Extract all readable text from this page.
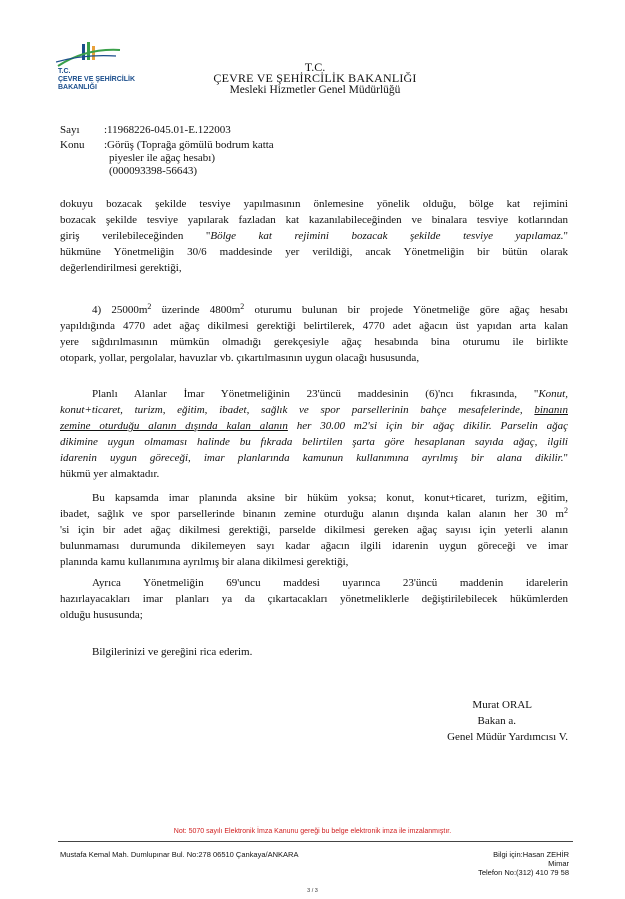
T.C.
ÇEVRE VE ŞEHİRCİLİK
BAKANLIĞI
T.C.
ÇEVRE VE ŞEHİRCİLİK BAKANLIĞI
Mesleki Hizmetler Genel Müdürlüğü
Sayı :11968226-045.01-E.122003
Konu :Görüş (Toprağa gömülü bodrum katta
piyesler ile ağaç hesabı)
(000093398-56643)
dokuyu bozacak şekilde tesviye yapılmasının önlemesine yönelik olduğu, bölge kat rejimini
bozacak şekilde tesviye yapılarak fazladan kat kazanılabileceğinden ve binalara tesviye kotlarından
giriş verilebileceğinden "Bölge kat rejimini bozacak şekilde tesviye yapılamaz."
hükmüne Yönetmeliğin 30/6 maddesinde yer verildiği, ancak Yönetmeliğin bir bütün olarak
değerlendirilmesi gerektiği,
4) $25000m^2$ üzerinde $4800m^2$ oturumu bulunan bir projede Yönetmeliğe göre ağaç hesabı
yapıldığında 4770 adet ağaç dikilmesi gerektiği belirtilerek, 4770 adet ağacın üst yapıdan arta kalan
yere sığdırılmasının mümkün olmadığı gerekçesiyle ağaç hesabında bina oturumu ile birlikte
otopark, yollar, pergolalar, havuzlar vb. çıkartılmasının uygun olacağı hususunda,
Planlı Alanlar İmar Yönetmeliğinin 23'üncü maddesinin (6)'ncı fıkrasında, "Konut,
konut+ticaret, turizm, eğitim, ibadet, sağlık ve spor parsellerinin bahçe mesafelerinde, binanın
zemine oturduğu alanın dışında kalan alanın her 30.00 m2'si için bir ağaç dikilir. Parselin ağaç
dikimine uygun olmaması halinde bu fıkrada belirtilen şarta göre hesaplanan sayıda ağaç, ilgili
idarenin uygun göreceği, imar planlarında kamunun kullanımına ayrılmış bir alana dikilir."
hükmü yer almaktadır.
Bu kapsamda imar planında aksine bir hüküm yoksa; konut, konut+ticaret, turizm, eğitim,
ibadet, sağlık ve spor parsellerinde binanın zemine oturduğu alanın dışında kalan alanın her 30 $m^2$
'si için bir adet ağaç dikilmesi gerektiği, parselde dikilmesi gereken ağaç sayısı için yeterli alanın
bulunmaması durumunda dikilemeyen sayı kadar ağacın ilgili idarenin uygun göreceği ve imar
planında kamu kullanımına ayrılmış bir alana dikilmesi gerektiği,
Ayrıca Yönetmeliğin 69'uncu maddesi uyarınca 23'üncü maddenin idarelerin
hazırlayacakları imar planları ya da çıkartacakları yönetmeliklerle değiştirilebilecek hükümlerden
olduğu hususunda;
Bilgilerinizi ve gereğini rica ederim.
Murat ORAL
Bakan a.
Genel Müdür Yardımcısı V.
Not: 5070 sayılı Elektronik İmza Kanunu gereği bu belge elektronik imza ile imzalanmıştır.
Mustafa Kemal Mah. Dumlupınar Bul. No:278 06510 Çankaya/ANKARA	Bilgi için:Hasan ZEHİR
Mimar
Telefon No:(312) 410 79 58
3 / 3
